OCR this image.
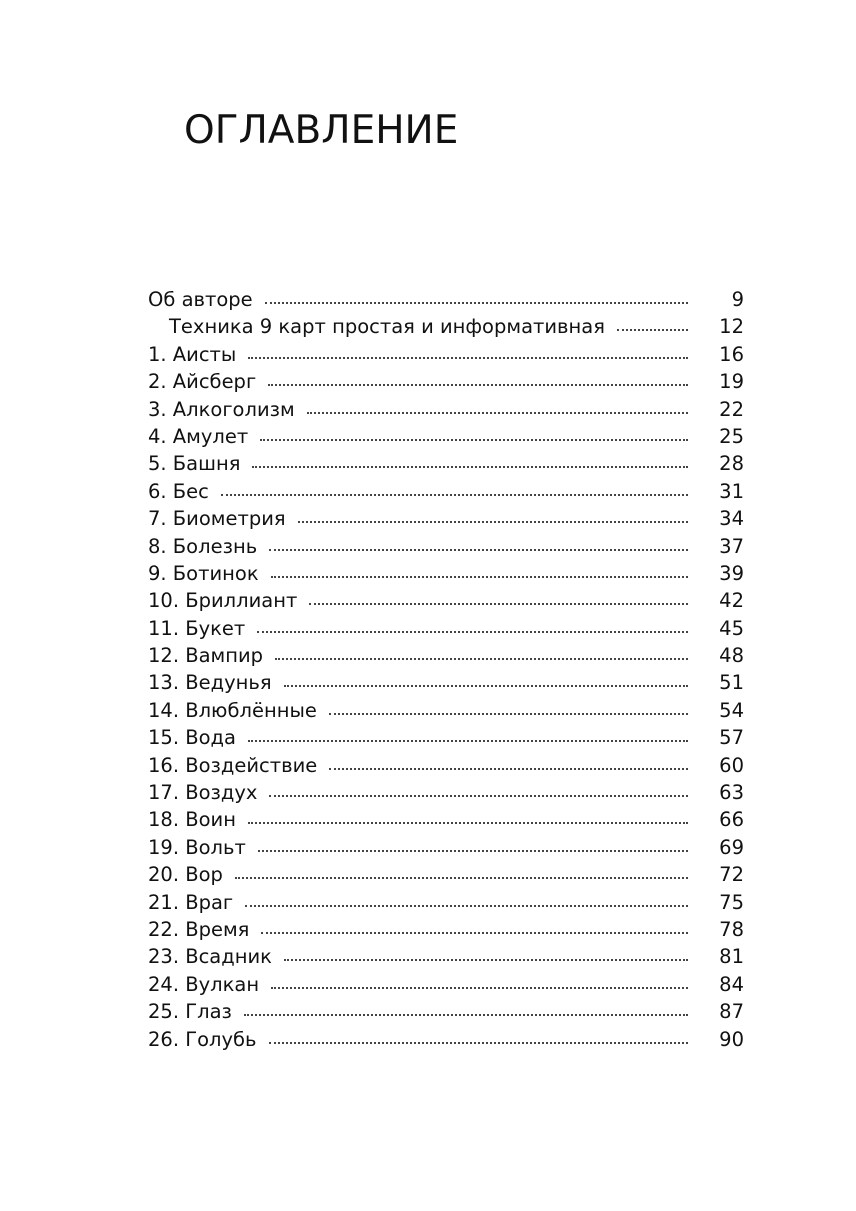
ОГЛАВЛЕНИЕ
Об авторе	9
Техника 9 карт простая и информативная	12
1. Аисты	16
2. Айсберг	19
3. Алкоголизм	22
4. Амулет	25
5. Башня	28
6. Бес	31
7. Биометрия	34
8. Болезнь	37
9. Ботинок	39
10. Бриллиант	42
11. Букет	45
12. Вампир	48
13. Ведунья	51
14. Влюблённые	54
15. Вода	57
16. Воздействие	60
17. Воздух	63
18. Воин	66
19. Вольт	69
20. Вор	72
21. Враг	75
22. Время	78
23. Всадник	81
24. Вулкан	84
25. Глаз	87
26. Голубь	90
